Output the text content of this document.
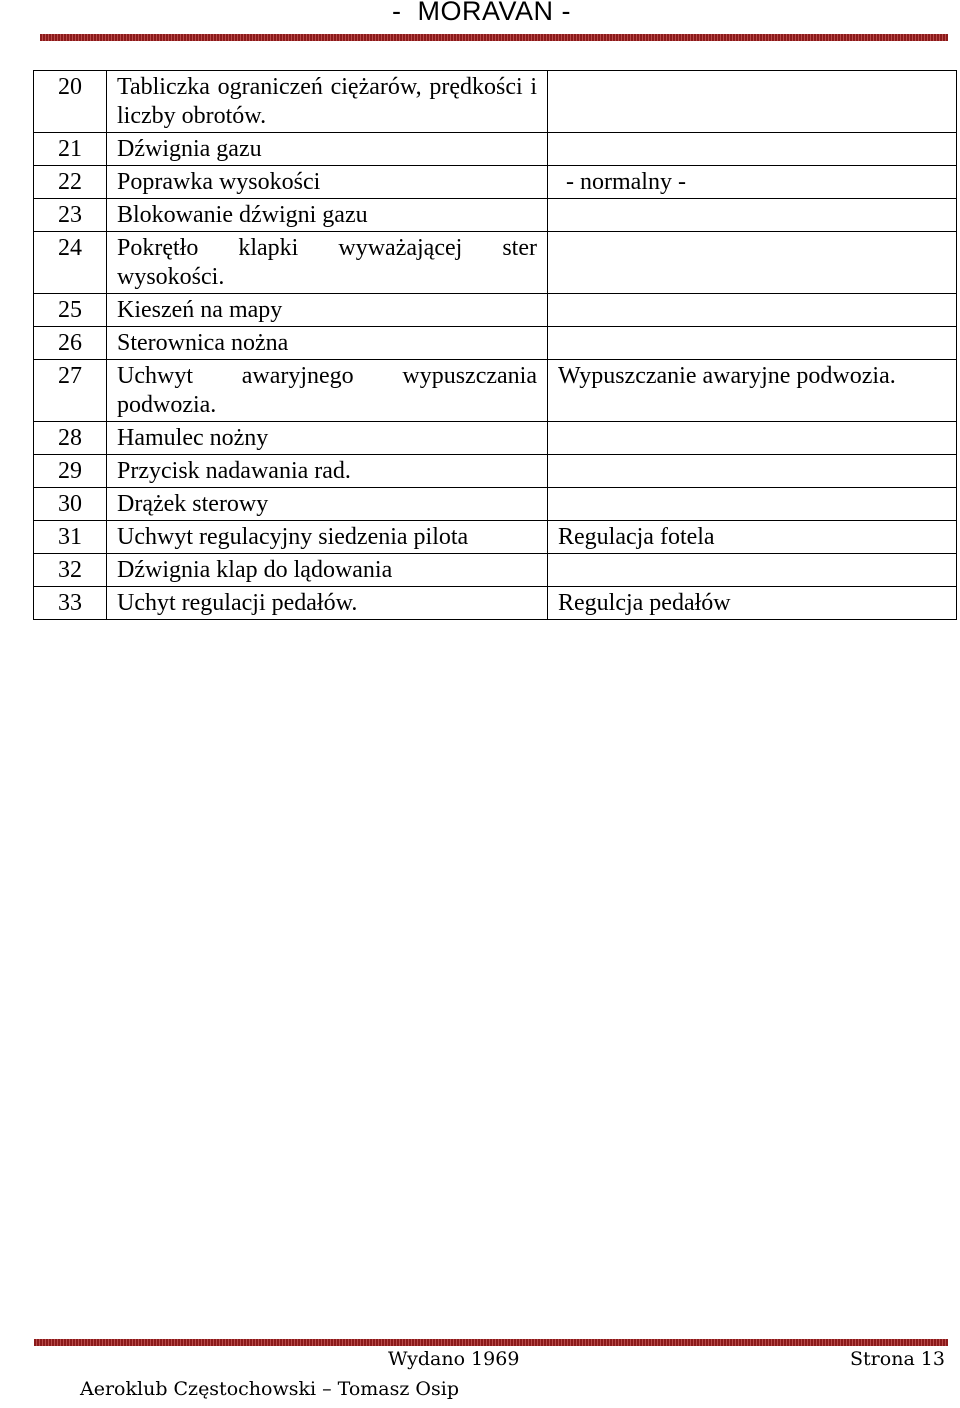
-  MORAVAN -
20	Tabliczka ograniczeń ciężarów, prędkości i liczby obrotów.	
21	Dźwignia gazu	
22	Poprawka wysokości	- normalny -
23	Blokowanie dźwigni gazu	
24	Pokrętło klapki wyważającej ster wysokości.	
25	Kieszeń na mapy	
26	Sterownica nożna	
27	Uchwyt awaryjnego wypuszczania podwozia.	Wypuszczanie awaryjne podwozia.
28	Hamulec nożny	
29	Przycisk nadawania rad.	
30	Drążek sterowy	
31	Uchwyt regulacyjny siedzenia pilota	Regulacja fotela
32	Dźwignia klap do lądowania	
33	Uchyt regulacji pedałów.	Regulcja pedałów
Wydano 1969	Strona 13
Aeroklub Częstochowski – Tomasz Osip
